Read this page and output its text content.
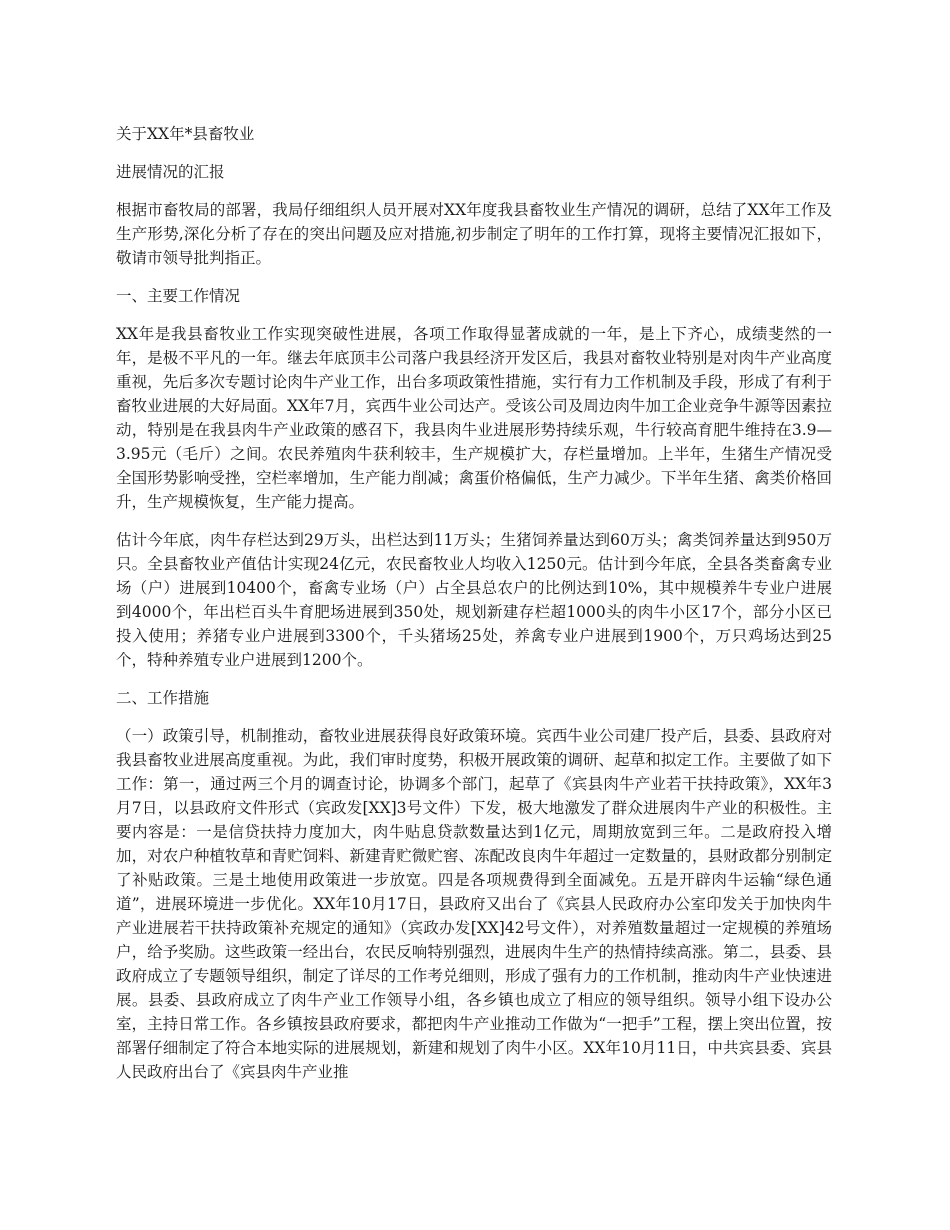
关于XX年*县畜牧业
进展情况的汇报

根据市畜牧局的部署，我局仔细组织人员开展对XX年度我县畜牧业生产情况的调研，总结了XX年工作及生产形势,深化分析了存在的突出问题及应对措施,初步制定了明年的工作打算，现将主要情况汇报如下，敬请市领导批判指正。

一、主要工作情况

XX年是我县畜牧业工作实现突破性进展，各项工作取得显著成就的一年，是上下齐心，成绩斐然的一年，是极不平凡的一年。继去年底顶丰公司落户我县经济开发区后，我县对畜牧业特别是对肉牛产业高度重视，先后多次专题讨论肉牛产业工作，出台多项政策性措施，实行有力工作机制及手段，形成了有利于畜牧业进展的大好局面。XX年7月，宾西牛业公司达产。受该公司及周边肉牛加工企业竞争牛源等因素拉动，特别是在我县肉牛产业政策的感召下，我县肉牛业进展形势持续乐观，牛行较高育肥牛维持在3.9—3.95元（毛斤）之间。农民养殖肉牛获利较丰，生产规模扩大，存栏量增加。上半年，生猪生产情况受全国形势影响受挫，空栏率增加，生产能力削减；禽蛋价格偏低，生产力减少。下半年生猪、禽类价格回升，生产规模恢复，生产能力提高。

估计今年底，肉牛存栏达到29万头，出栏达到11万头；生猪饲养量达到60万头；禽类饲养量达到950万只。全县畜牧业产值估计实现24亿元，农民畜牧业人均收入1250元。估计到今年底，全县各类畜禽专业场（户）进展到10400个，畜禽专业场（户）占全县总农户的比例达到10%，其中规模养牛专业户进展到4000个，年出栏百头牛育肥场进展到350处，规划新建存栏超1000头的肉牛小区17个，部分小区已投入使用；养猪专业户进展到3300个，千头猪场25处，养禽专业户进展到1900个，万只鸡场达到25个，特种养殖专业户进展到1200个。

二、工作措施

（一）政策引导，机制推动，畜牧业进展获得良好政策环境。宾西牛业公司建厂投产后，县委、县政府对我县畜牧业进展高度重视。为此，我们审时度势，积极开展政策的调研、起草和拟定工作。主要做了如下工作：第一，通过两三个月的调查讨论，协调多个部门，起草了《宾县肉牛产业若干扶持政策》，XX年3月7日，以县政府文件形式（宾政发[XX]3号文件）下发，极大地激发了群众进展肉牛产业的积极性。主要内容是：一是信贷扶持力度加大，肉牛贴息贷款数量达到1亿元，周期放宽到三年。二是政府投入增加，对农户种植牧草和青贮饲料、新建青贮微贮窖、冻配改良肉牛年超过一定数量的，县财政都分别制定了补贴政策。三是土地使用政策进一步放宽。四是各项规费得到全面减免。五是开辟肉牛运输“绿色通道”，进展环境进一步优化。XX年10月17日，县政府又出台了《宾县人民政府办公室印发关于加快肉牛产业进展若干扶持政策补充规定的通知》（宾政办发[XX]42号文件），对养殖数量超过一定规模的养殖场户，给予奖励。这些政策一经出台，农民反响特别强烈，进展肉牛生产的热情持续高涨。第二，县委、县政府成立了专题领导组织，制定了详尽的工作考兑细则，形成了强有力的工作机制，推动肉牛产业快速进展。县委、县政府成立了肉牛产业工作领导小组，各乡镇也成立了相应的领导组织。领导小组下设办公室，主持日常工作。各乡镇按县政府要求，都把肉牛产业推动工作做为“一把手”工程，摆上突出位置，按部署仔细制定了符合本地实际的进展规划，新建和规划了肉牛小区。XX年10月11日，中共宾县委、宾县人民政府出台了《宾县肉牛产业推
